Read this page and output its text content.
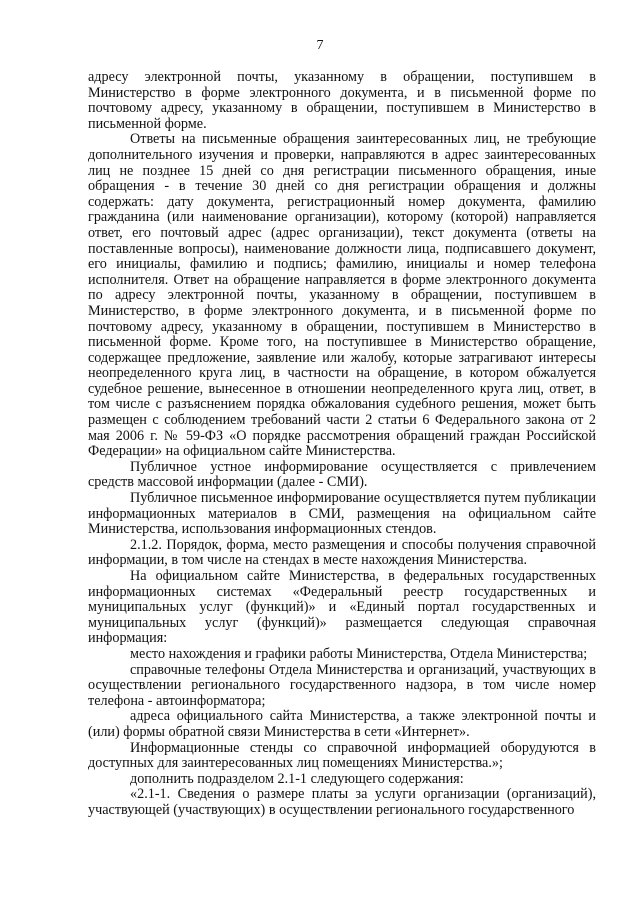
7

адресу электронной почты, указанному в обращении, поступившем в Министерство в форме электронного документа, и в письменной форме по почтовому адресу, указанному в обращении, поступившем в Министерство в письменной форме.

Ответы на письменные обращения заинтересованных лиц, не требующие дополнительного изучения и проверки, направляются в адрес заинтересованных лиц не позднее 15 дней со дня регистрации письменного обращения, иные обращения - в течение 30 дней со дня регистрации обращения и должны содержать: дату документа, регистрационный номер документа, фамилию гражданина (или наименование организации), которому (которой) направляется ответ, его почтовый адрес (адрес организации), текст документа (ответы на поставленные вопросы), наименование должности лица, подписавшего документ, его инициалы, фамилию и подпись; фамилию, инициалы и номер телефона исполнителя. Ответ на обращение направляется в форме электронного документа по адресу электронной почты, указанному в обращении, поступившем в Министерство, в форме электронного документа, и в письменной форме по почтовому адресу, указанному в обращении, поступившем в Министерство в письменной форме. Кроме того, на поступившее в Министерство обращение, содержащее предложение, заявление или жалобу, которые затрагивают интересы неопределенного круга лиц, в частности на обращение, в котором обжалуется судебное решение, вынесенное в отношении неопределенного круга лиц, ответ, в том числе с разъяснением порядка обжалования судебного решения, может быть размещен с соблюдением требований части 2 статьи 6 Федерального закона от 2 мая 2006 г. № 59-ФЗ «О порядке рассмотрения обращений граждан Российской Федерации» на официальном сайте Министерства.

Публичное устное информирование осуществляется с привлечением средств массовой информации (далее - СМИ).

Публичное письменное информирование осуществляется путем публикации информационных материалов в СМИ, размещения на официальном сайте Министерства, использования информационных стендов.

2.1.2. Порядок, форма, место размещения и способы получения справочной информации, в том числе на стендах в месте нахождения Министерства.

На официальном сайте Министерства, в федеральных государственных информационных системах «Федеральный реестр государственных и муниципальных услуг (функций)» и «Единый портал государственных и муниципальных услуг (функций)» размещается следующая справочная информация:

место нахождения и графики работы Министерства, Отдела Министерства;

справочные телефоны Отдела Министерства и организаций, участвующих в осуществлении регионального государственного надзора, в том числе номер телефона - автоинформатора;

адреса официального сайта Министерства, а также электронной почты и (или) формы обратной связи Министерства в сети «Интернет».

Информационные стенды со справочной информацией оборудуются в доступных для заинтересованных лиц помещениях Министерства.»;

дополнить подразделом 2.1-1 следующего содержания:

«2.1-1. Сведения о размере платы за услуги организации (организаций), участвующей (участвующих) в осуществлении регионального государственного
